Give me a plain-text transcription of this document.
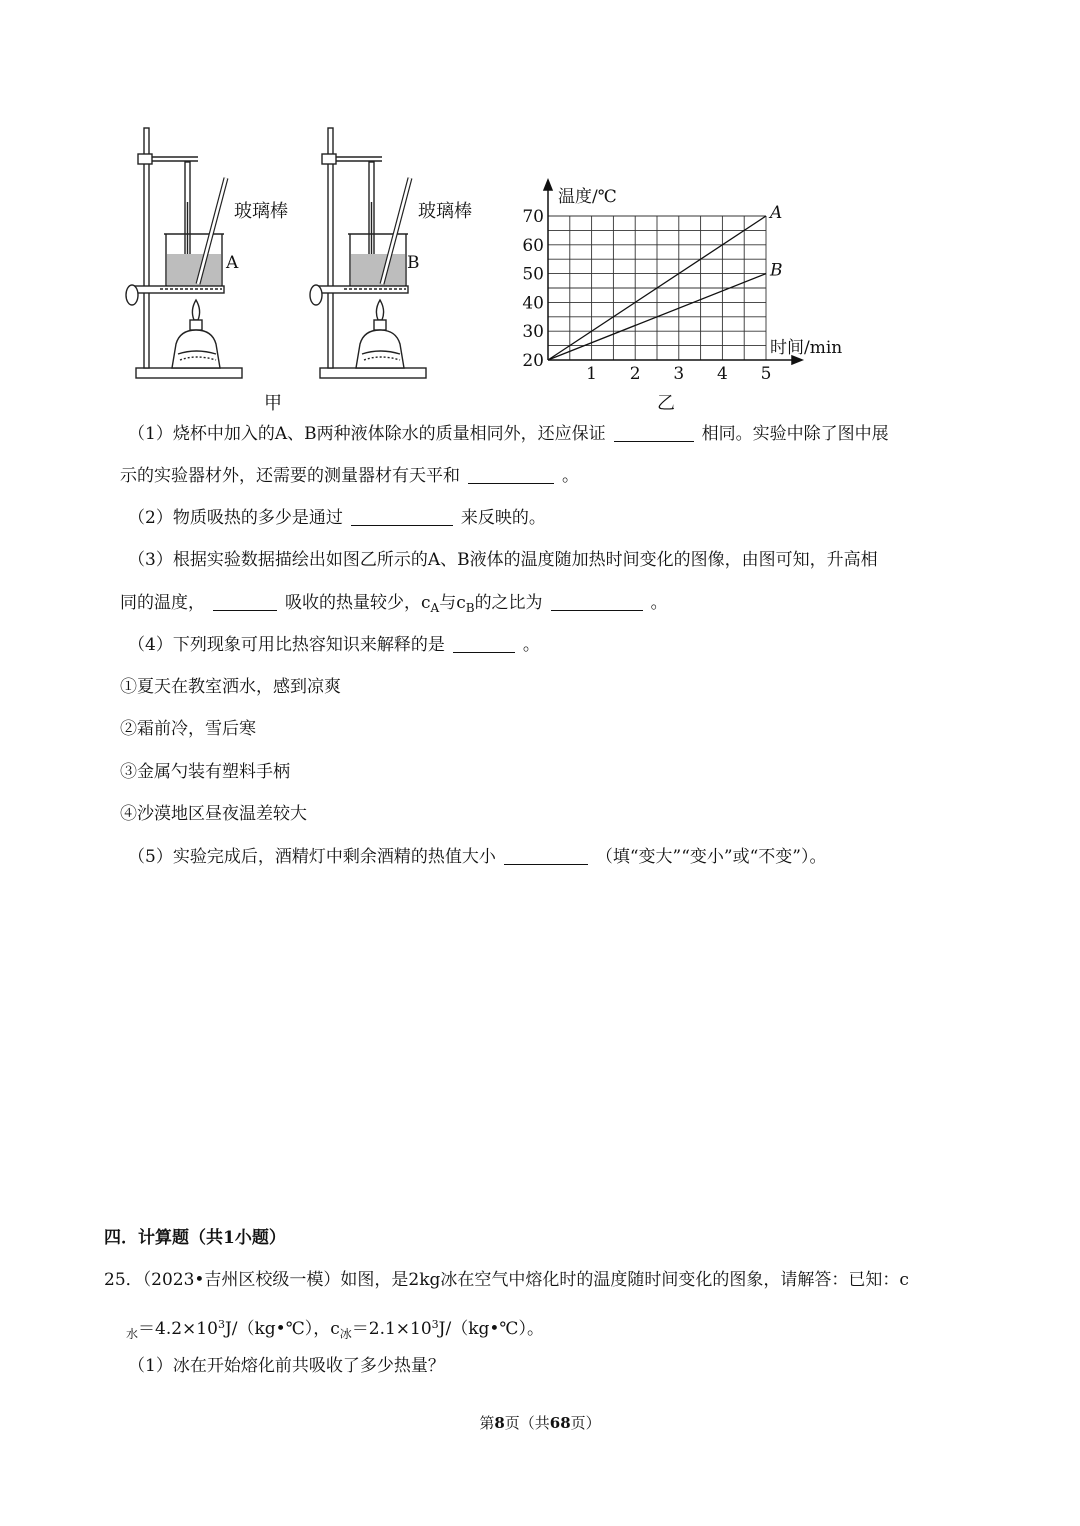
玻璃棒
A
甲
玻璃棒
B
A
B
1 2 3 4 5
20
30
40
50
60
70
温度/℃
时间/min
乙
（1）烧杯中加入的A、B两种液体除水的质量相同外，还应保证	相同。实验中除了图中展
示的实验器材外，还需要的测量器材有天平和	。
（2）物质吸热的多少是通过	来反映的。
（3）根据实验数据描绘出如图乙所示的A、B液体的温度随加热时间变化的图像，由图可知，升高相
同的温度，	吸收的热量较少，$c_A$与$c_B$的之比为	。
（4）下列现象可用比热容知识来解释的是	。
①夏天在教室洒水，感到凉爽
②霜前冷，雪后寒
③金属勺装有塑料手柄
④沙漠地区昼夜温差较大
（5）实验完成后，酒精灯中剩余酒精的热值大小	（填“变大”“变小”或“不变”）。
四．计算题（共1小题）
25．（2023•吉州区校级一模）如图，是2kg冰在空气中熔化时的温度随时间变化的图象，请解答：已知：c
$_水=4.2\times 10^3J/(kg•℃)$，$c_冰=2.1\times 10^3J/(kg•℃)$。
（1）冰在开始熔化前共吸收了多少热量？
第8页（共68页）
